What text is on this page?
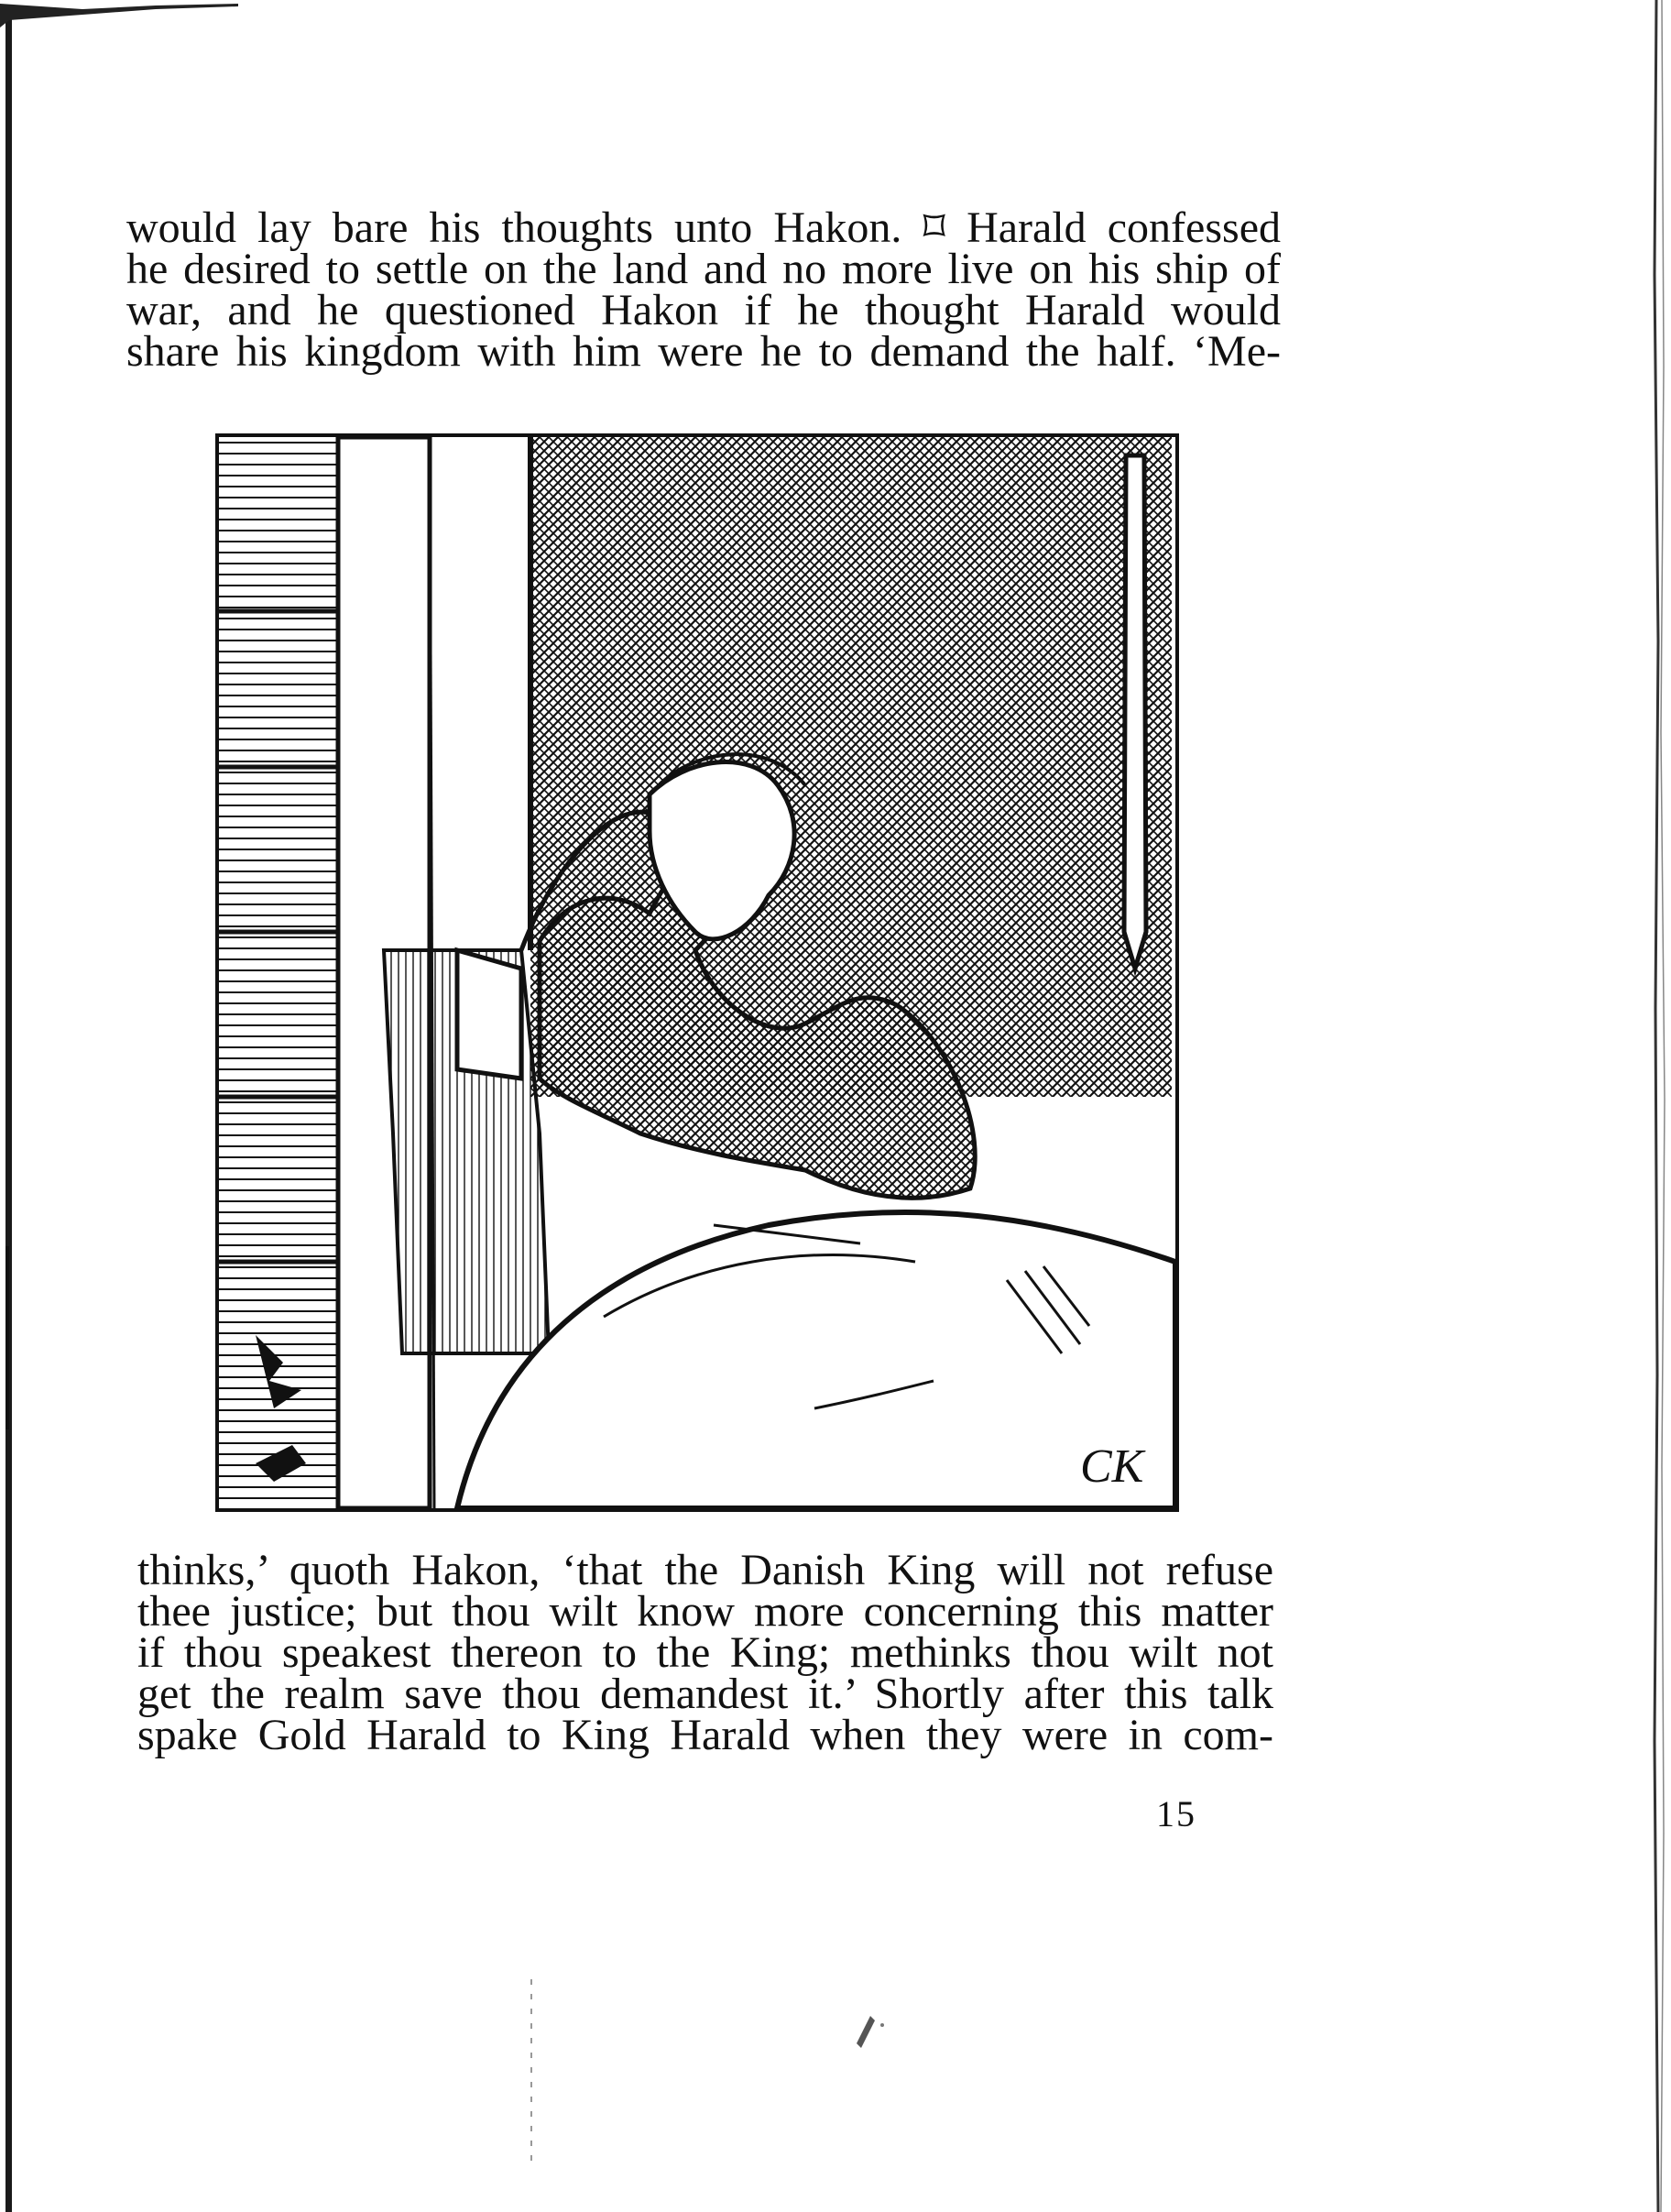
would lay bare his thoughts unto Hakon. ⌑ Harald confessed
he desired to settle on the land and no more live on his ship of
war, and he questioned Hakon if he thought Harald would
share his kingdom with him were he to demand the half. ‘Me-
CK
thinks,’ quoth Hakon, ‘that the Danish King will not refuse
thee justice; but thou wilt know more concerning this matter
if thou speakest thereon to the King; methinks thou wilt not
get the realm save thou demandest it.’ Shortly after this talk
spake Gold Harald to King Harald when they were in com-
15
